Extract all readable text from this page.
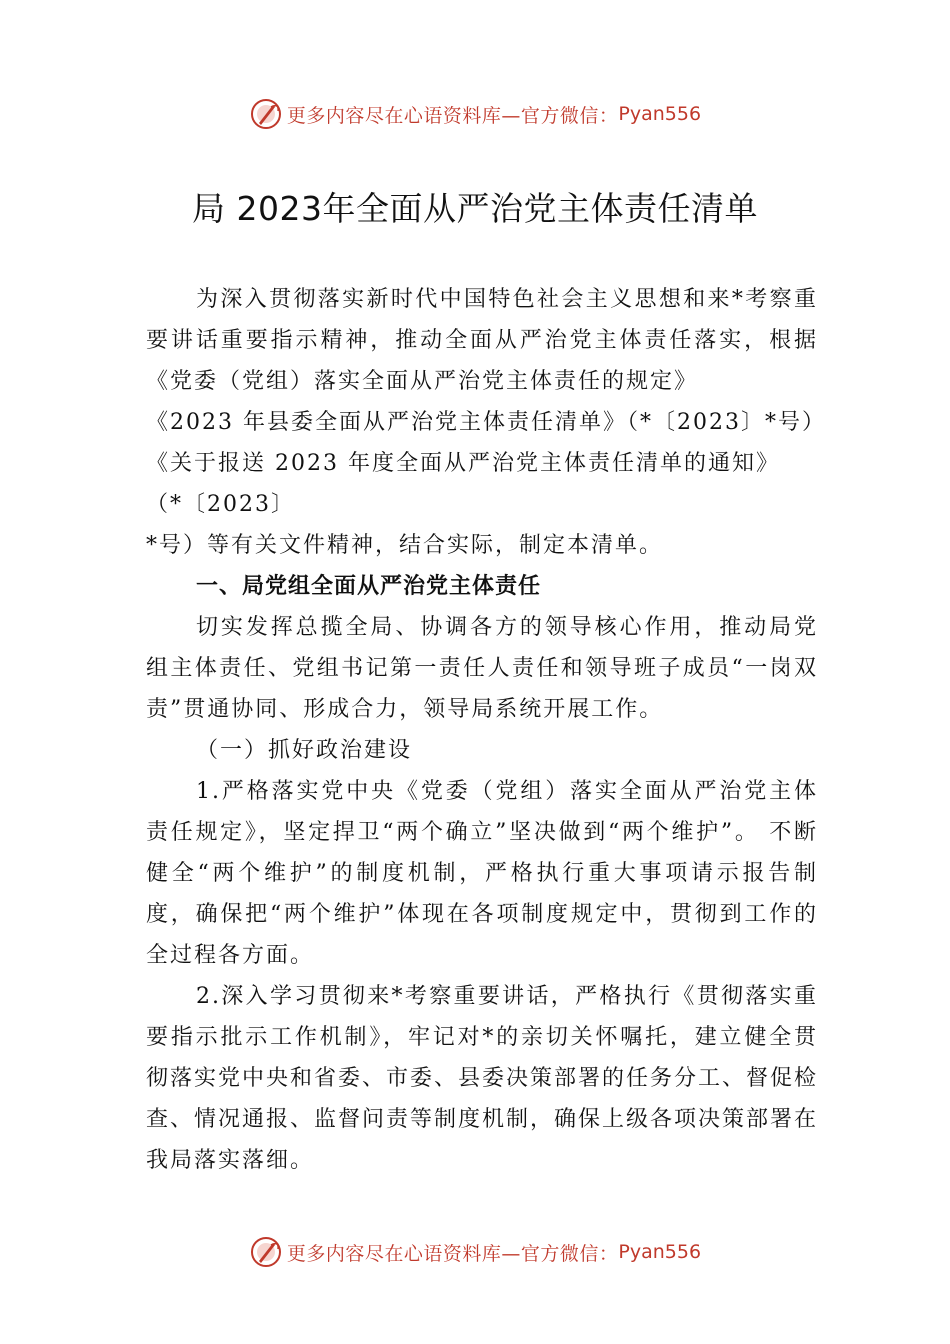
更多内容尽在心语资料库—官方微信： Pyan556
局 2023年全面从严治党主体责任清单

为深入贯彻落实新时代中国特色社会主义思想和来*考察重要讲话重要指示精神，推动全面从严治党主体责任落实，根据《党委（党组）落实全面从严治党主体责任的规定》

《2023 年县委全面从严治党主体责任清单》（*〔2023〕*号）

《关于报送 2023 年度全面从严治党主体责任清单的通知》

（*〔2023〕

*号）等有关文件精神，结合实际，制定本清单。

一、局党组全面从严治党主体责任

切实发挥总揽全局、协调各方的领导核心作用，推动局党组主体责任、党组书记第一责任人责任和领导班子成员“一岗双责”贯通协同、形成合力，领导局系统开展工作。

（一）抓好政治建设

1.严格落实党中央《党委（党组）落实全面从严治党主体责任规定》，坚定捍卫“两个确立”坚决做到“两个维护”。 不断健全“两个维护”的制度机制，严格执行重大事项请示报告制度，确保把“两个维护”体现在各项制度规定中，贯彻到工作的全过程各方面。

2.深入学习贯彻来*考察重要讲话，严格执行《贯彻落实重要指示批示工作机制》，牢记对*的亲切关怀嘱托，建立健全贯彻落实党中央和省委、市委、县委决策部署的任务分工、督促检查、情况通报、监督问责等制度机制，确保上级各项决策部署在我局落实落细。

更多内容尽在心语资料库—官方微信： Pyan556
